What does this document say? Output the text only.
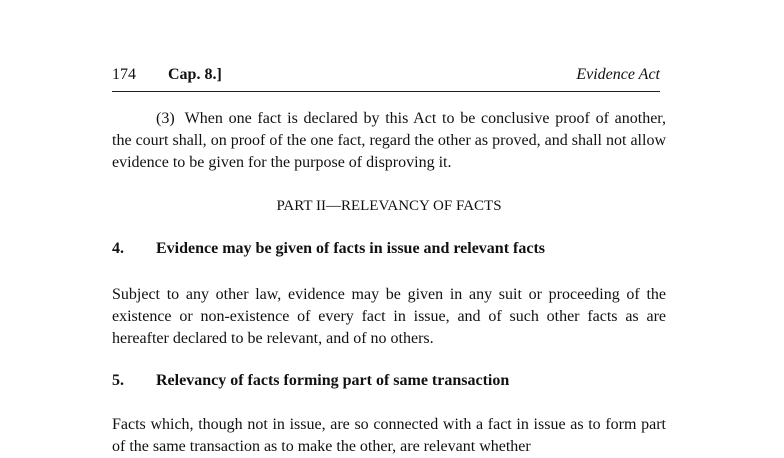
174 Cap. 8.]	Evidence Act

(3) When one fact is declared by this Act to be conclusive proof of another, the court shall, on proof of the one fact, regard the other as proved, and shall not allow evidence to be given for the purpose of disproving it.

PART II—RELEVANCY OF FACTS
4. Evidence may be given of facts in issue and relevant facts

Subject to any other law, evidence may be given in any suit or proceeding of the existence or non-existence of every fact in issue, and of such other facts as are hereafter declared to be relevant, and of no others.

5. Relevancy of facts forming part of same transaction

Facts which, though not in issue, are so connected with a fact in issue as to form part of the same transaction as to make the other, are relevant whether
